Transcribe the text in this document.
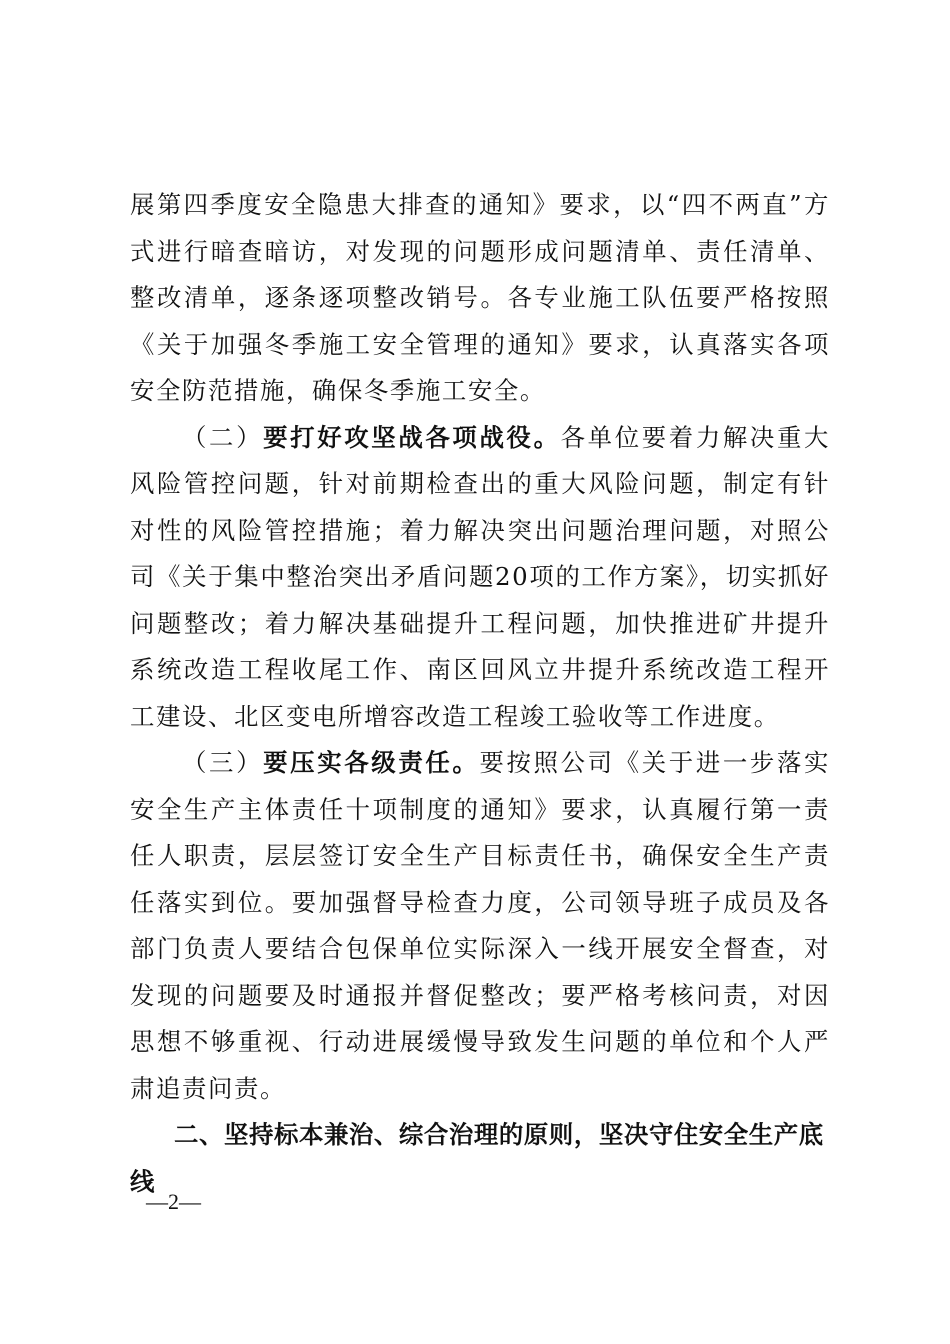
展第四季度安全隐患大排查的通知》要求，以“四不两直”方式进行暗查暗访，对发现的问题形成问题清单、责任清单、整改清单，逐条逐项整改销号。各专业施工队伍要严格按照《关于加强冬季施工安全管理的通知》要求，认真落实各项安全防范措施，确保冬季施工安全。

（二）要打好攻坚战各项战役。各单位要着力解决重大风险管控问题，针对前期检查出的重大风险问题，制定有针对性的风险管控措施；着力解决突出问题治理问题，对照公司《关于集中整治突出矛盾问题20项的工作方案》，切实抓好问题整改；着力解决基础提升工程问题，加快推进矿井提升系统改造工程收尾工作、南区回风立井提升系统改造工程开工建设、北区变电所增容改造工程竣工验收等工作进度。

（三）要压实各级责任。要按照公司《关于进一步落实安全生产主体责任十项制度的通知》要求，认真履行第一责任人职责，层层签订安全生产目标责任书，确保安全生产责任落实到位。要加强督导检查力度，公司领导班子成员及各部门负责人要结合包保单位实际深入一线开展安全督查，对发现的问题要及时通报并督促整改；要严格考核问责，对因思想不够重视、行动进展缓慢导致发生问题的单位和个人严肃追责问责。

二、坚持标本兼治、综合治理的原则，坚决守住安全生产底线

—2—
